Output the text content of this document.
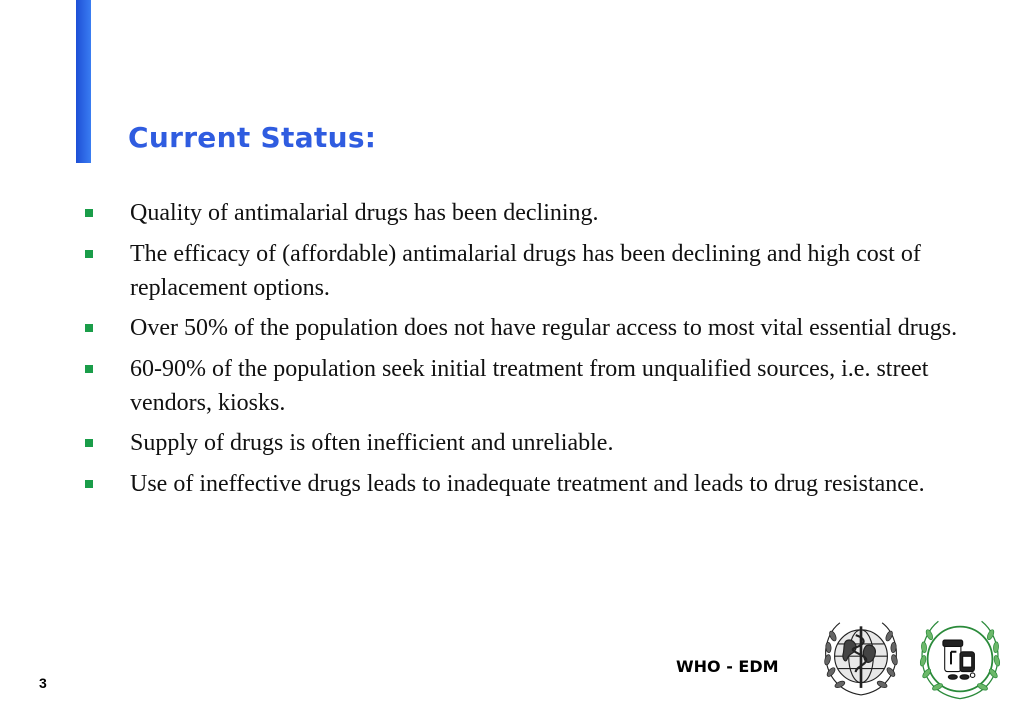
Current Status:
Quality of antimalarial drugs has been declining.
The efficacy of (affordable) antimalarial drugs has been declining and high cost of replacement options.
Over 50% of the population does not have regular access to most vital essential drugs.
60-90% of the population seek initial treatment from unqualified sources, i.e. street vendors, kiosks.
Supply of drugs is often inefficient and unreliable.
Use of ineffective drugs leads to inadequate treatment and leads to drug resistance.
3
WHO - EDM
